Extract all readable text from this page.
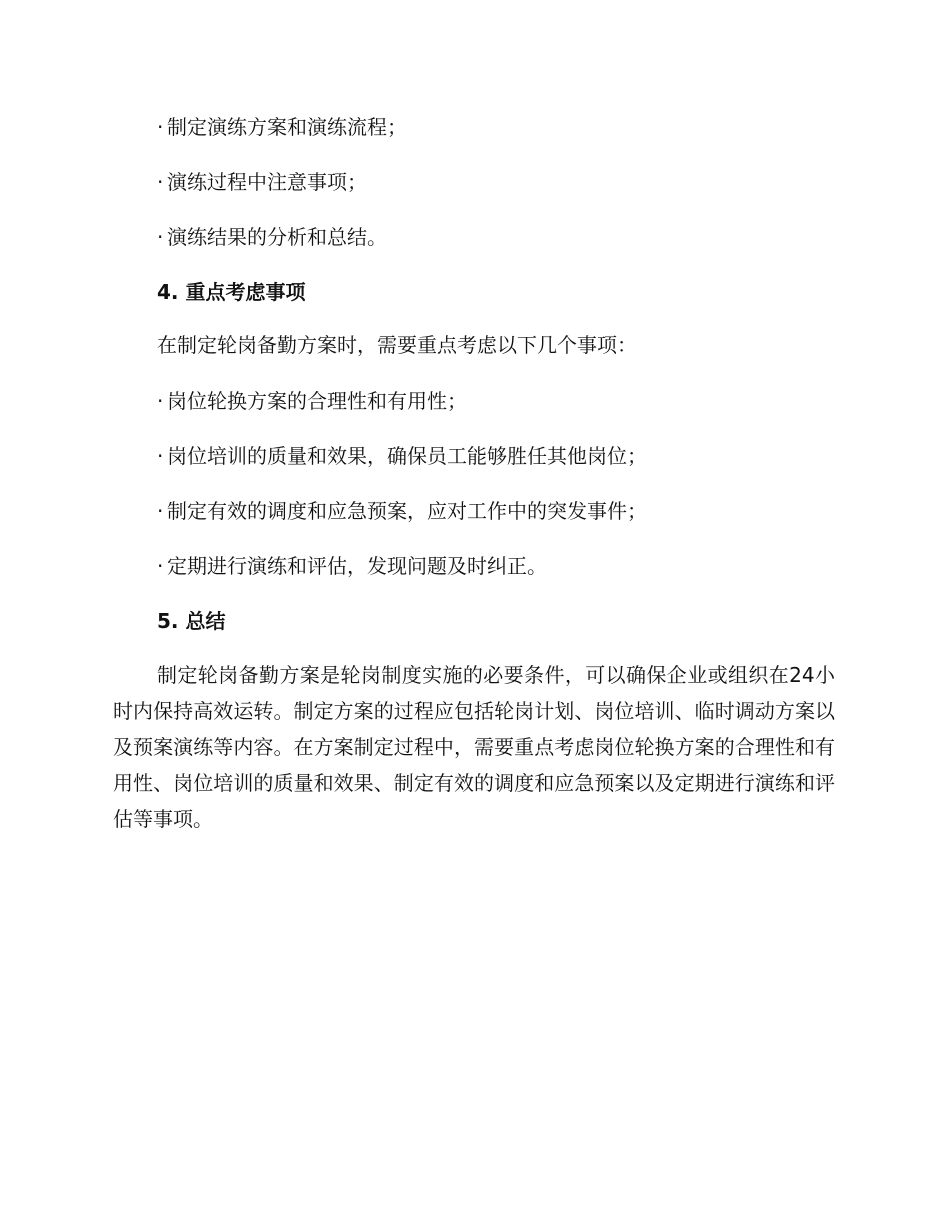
· 制定演练方案和演练流程；
· 演练过程中注意事项；
· 演练结果的分析和总结。
4. 重点考虑事项
在制定轮岗备勤方案时，需要重点考虑以下几个事项：
· 岗位轮换方案的合理性和有用性；
· 岗位培训的质量和效果，确保员工能够胜任其他岗位；
· 制定有效的调度和应急预案，应对工作中的突发事件；
· 定期进行演练和评估，发现问题及时纠正。
5. 总结

制定轮岗备勤方案是轮岗制度实施的必要条件，可以确保企业或组织在24小时内保持高效运转。制定方案的过程应包括轮岗计划、岗位培训、临时调动方案以及预案演练等内容。在方案制定过程中，需要重点考虑岗位轮换方案的合理性和有用性、岗位培训的质量和效果、制定有效的调度和应急预案以及定期进行演练和评估等事项。
